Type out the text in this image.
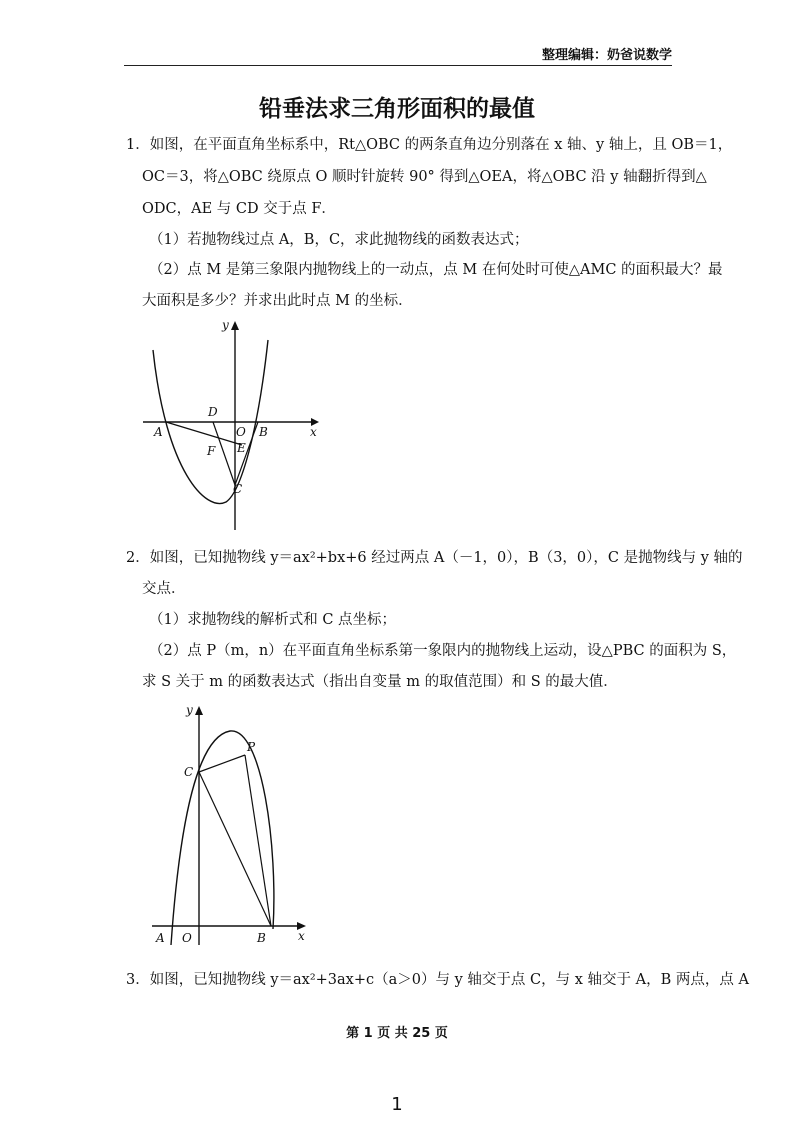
整理编辑：奶爸说数学
铅垂法求三角形面积的最值
1．如图，在平面直角坐标系中，Rt△OBC 的两条直角边分别落在 x 轴、y 轴上，且 OB＝1，
OC＝3，将△OBC 绕原点 O 顺时针旋转 90° 得到△OEA，将△OBC 沿 y 轴翻折得到△
ODC，AE 与 CD 交于点 F．
（1）若抛物线过点 A，B，C，求此抛物线的函数表达式；
（2）点 M 是第三象限内抛物线上的一动点，点 M 在何处时可使△AMC 的面积最大？最
大面积是多少？并求出此时点 M 的坐标．
y
x
A	B
O
D
E
F
C
2．如图，已知抛物线 y＝ax²+bx+6 经过两点 A（－1，0），B（3，0），C 是抛物线与 y 轴的
交点．
（1）求抛物线的解析式和 C 点坐标；
（2）点 P（m，n）在平面直角坐标系第一象限内的抛物线上运动，设△PBC 的面积为 S，
求 S 关于 m 的函数表达式（指出自变量 m 的取值范围）和 S 的最大值．
y
x
A O	B
C
P
3．如图，已知抛物线 y＝ax²+3ax+c（a＞0）与 y 轴交于点 C，与 x 轴交于 A，B 两点，点 A
第 1 页 共 25 页
1
